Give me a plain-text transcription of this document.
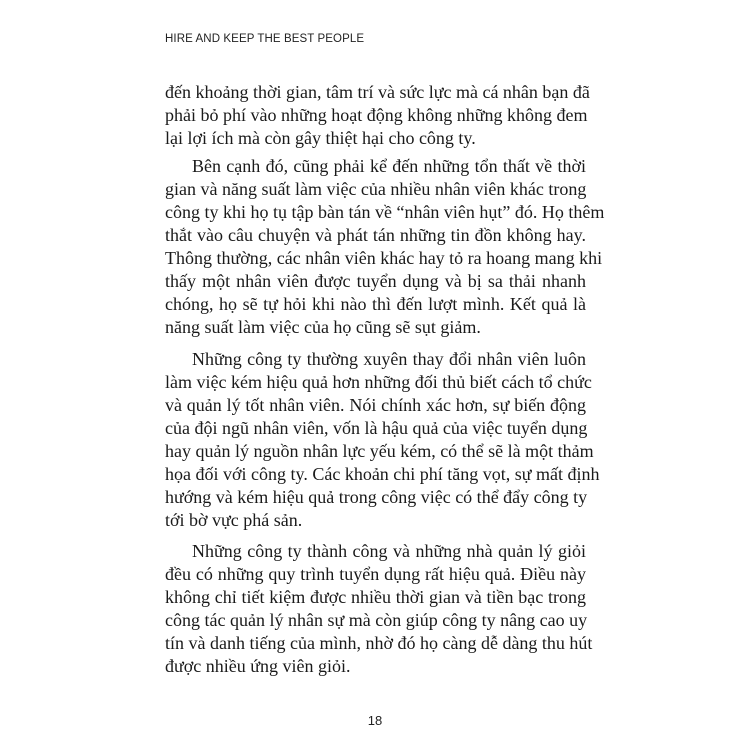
HIRE AND KEEP THE BEST PEOPLE
đến khoảng thời gian, tâm trí và sức lực mà cá nhân bạn đã
phải bỏ phí vào những hoạt động không những không đem
lại lợi ích mà còn gây thiệt hại cho công ty.
Bên cạnh đó, cũng phải kể đến những tổn thất về thời
gian và năng suất làm việc của nhiều nhân viên khác trong
công ty khi họ tụ tập bàn tán về “nhân viên hụt” đó. Họ thêm
thắt vào câu chuyện và phát tán những tin đồn không hay.
Thông thường, các nhân viên khác hay tỏ ra hoang mang khi
thấy một nhân viên được tuyển dụng và bị sa thải nhanh
chóng, họ sẽ tự hỏi khi nào thì đến lượt mình. Kết quả là
năng suất làm việc của họ cũng sẽ sụt giảm.
Những công ty thường xuyên thay đổi nhân viên luôn
làm việc kém hiệu quả hơn những đối thủ biết cách tổ chức
và quản lý tốt nhân viên. Nói chính xác hơn, sự biến động
của đội ngũ nhân viên, vốn là hậu quả của việc tuyển dụng
hay quản lý nguồn nhân lực yếu kém, có thể sẽ là một thảm
họa đối với công ty. Các khoản chi phí tăng vọt, sự mất định
hướng và kém hiệu quả trong công việc có thể đẩy công ty
tới bờ vực phá sản.
Những công ty thành công và những nhà quản lý giỏi
đều có những quy trình tuyển dụng rất hiệu quả. Điều này
không chỉ tiết kiệm được nhiều thời gian và tiền bạc trong
công tác quản lý nhân sự mà còn giúp công ty nâng cao uy
tín và danh tiếng của mình, nhờ đó họ càng dễ dàng thu hút
được nhiều ứng viên giỏi.
18
